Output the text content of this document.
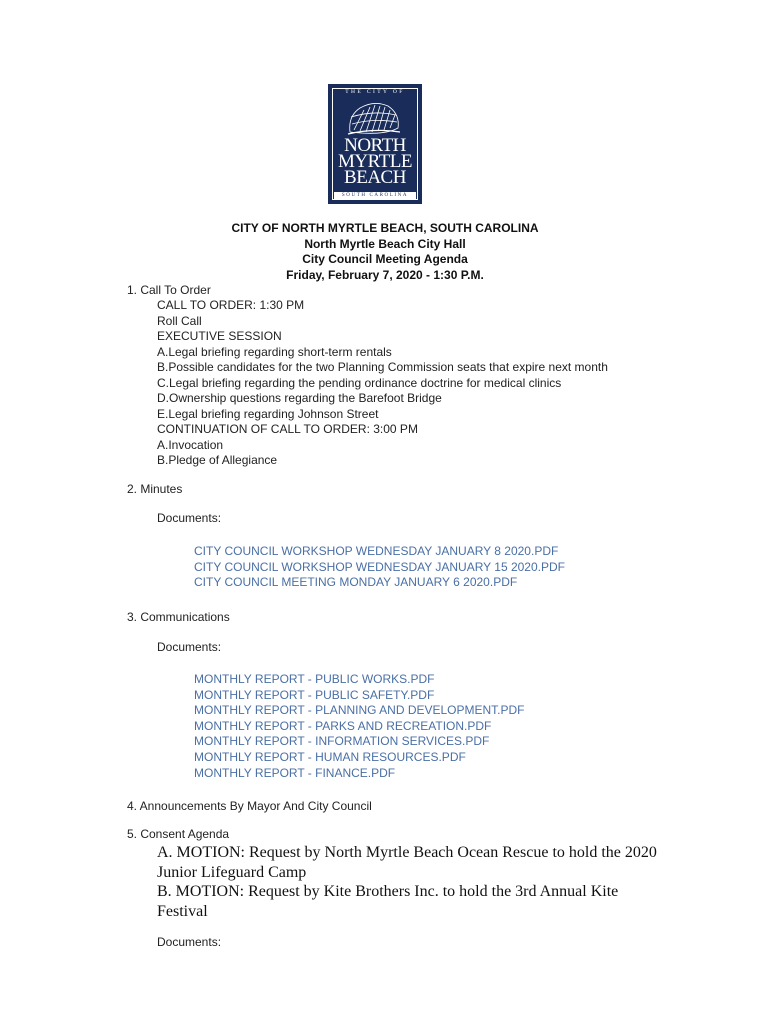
THE CITY OF
NORTH
MYRTLE
BEACH
SOUTH CAROLINA
CITY OF NORTH MYRTLE BEACH, SOUTH CAROLINA
North Myrtle Beach City Hall
City Council Meeting Agenda
Friday, February 7, 2020 - 1:30 P.M.
1. Call To Order
CALL TO ORDER: 1:30 PM
Roll Call
EXECUTIVE SESSION
A.Legal briefing regarding short-term rentals
B.Possible candidates for the two Planning Commission seats that expire next month
C.Legal briefing regarding the pending ordinance doctrine for medical clinics
D.Ownership questions regarding the Barefoot Bridge
E.Legal briefing regarding Johnson Street
CONTINUATION OF CALL TO ORDER: 3:00 PM
A.Invocation
B.Pledge of Allegiance
2. Minutes
Documents:
CITY COUNCIL WORKSHOP WEDNESDAY JANUARY 8 2020.PDF
CITY COUNCIL WORKSHOP WEDNESDAY JANUARY 15 2020.PDF
CITY COUNCIL MEETING MONDAY JANUARY 6 2020.PDF
3. Communications
Documents:
MONTHLY REPORT - PUBLIC WORKS.PDF
MONTHLY REPORT - PUBLIC SAFETY.PDF
MONTHLY REPORT - PLANNING AND DEVELOPMENT.PDF
MONTHLY REPORT - PARKS AND RECREATION.PDF
MONTHLY REPORT - INFORMATION SERVICES.PDF
MONTHLY REPORT - HUMAN RESOURCES.PDF
MONTHLY REPORT - FINANCE.PDF
4. Announcements By Mayor And City Council
5. Consent Agenda
A. MOTION: Request by North Myrtle Beach Ocean Rescue to hold the 2020 Junior Lifeguard Camp
B. MOTION: Request by Kite Brothers Inc. to hold the 3rd Annual Kite Festival
Documents:
